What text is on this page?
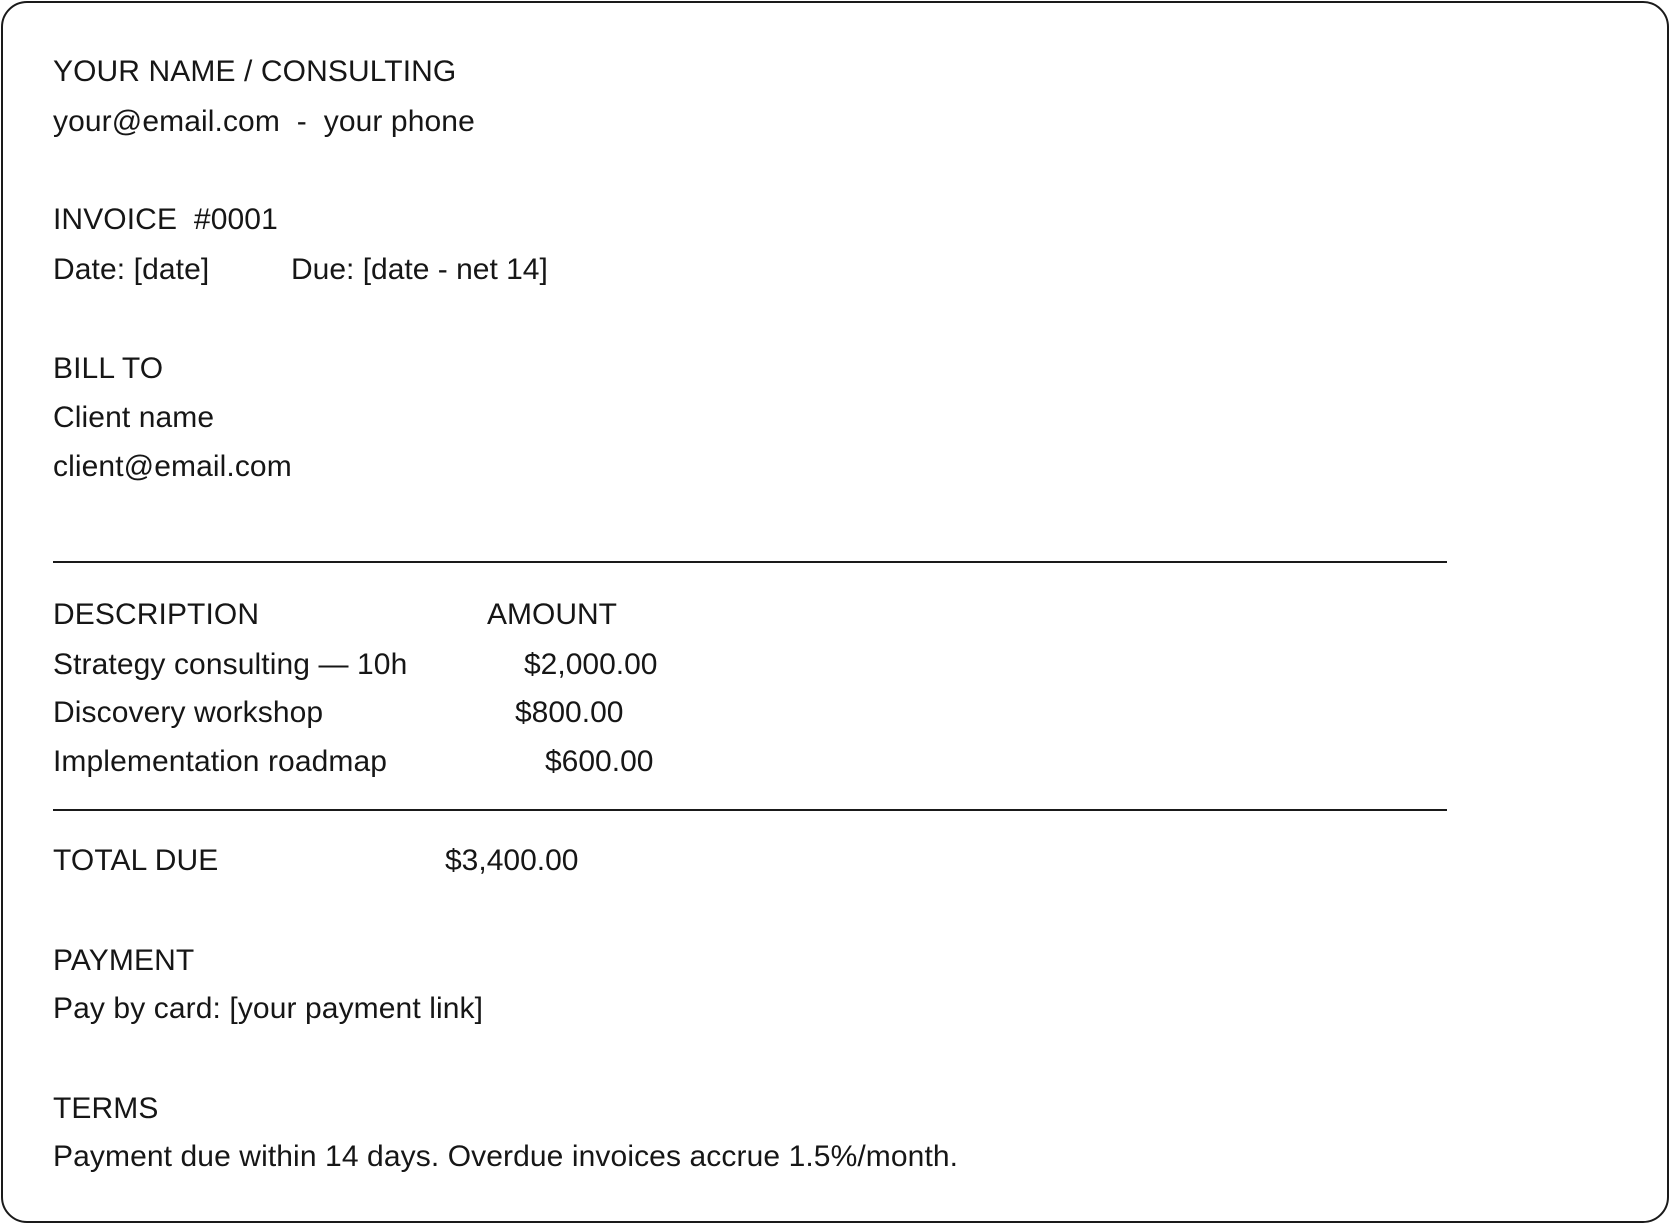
YOUR NAME / CONSULTING
your@email.com  -  your phone
INVOICE  #0001
Date: [date]	Due: [date - net 14]
BILL TO
Client name
client@email.com
DESCRIPTION	AMOUNT
Strategy consulting — 10h	$2,000.00
Discovery workshop	$800.00
Implementation roadmap	$600.00
TOTAL DUE	$3,400.00
PAYMENT
Pay by card: [your payment link]
TERMS
Payment due within 14 days. Overdue invoices accrue 1.5%/month.
